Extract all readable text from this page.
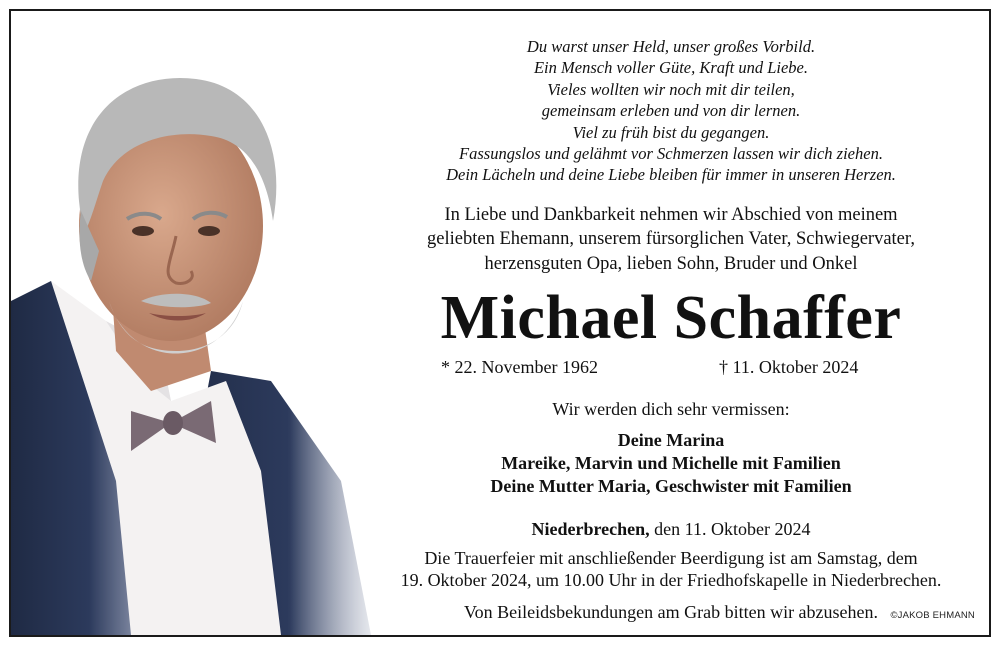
Du warst unser Held, unser großes Vorbild.
Ein Mensch voller Güte, Kraft und Liebe.
Vieles wollten wir noch mit dir teilen,
gemeinsam erleben und von dir lernen.
Viel zu früh bist du gegangen.
Fassungslos und gelähmt vor Schmerzen lassen wir dich ziehen.
Dein Lächeln und deine Liebe bleiben für immer in unseren Herzen.
In Liebe und Dankbarkeit nehmen wir Abschied von meinem
geliebten Ehemann, unserem fürsorglichen Vater, Schwiegervater,
herzensguten Opa, lieben Sohn, Bruder und Onkel
Michael Schaffer
* 22. November 1962	† 11. Oktober 2024
Wir werden dich sehr vermissen:
Deine Marina
Mareike, Marvin und Michelle mit Familien
Deine Mutter Maria, Geschwister mit Familien
Niederbrechen, den 11. Oktober 2024
Die Trauerfeier mit anschließender Beerdigung ist am Samstag, dem
19. Oktober 2024, um 10.00 Uhr in der Friedhofskapelle in Niederbrechen.
Von Beileidsbekundungen am Grab bitten wir abzusehen.	©JAKOB EHMANN
